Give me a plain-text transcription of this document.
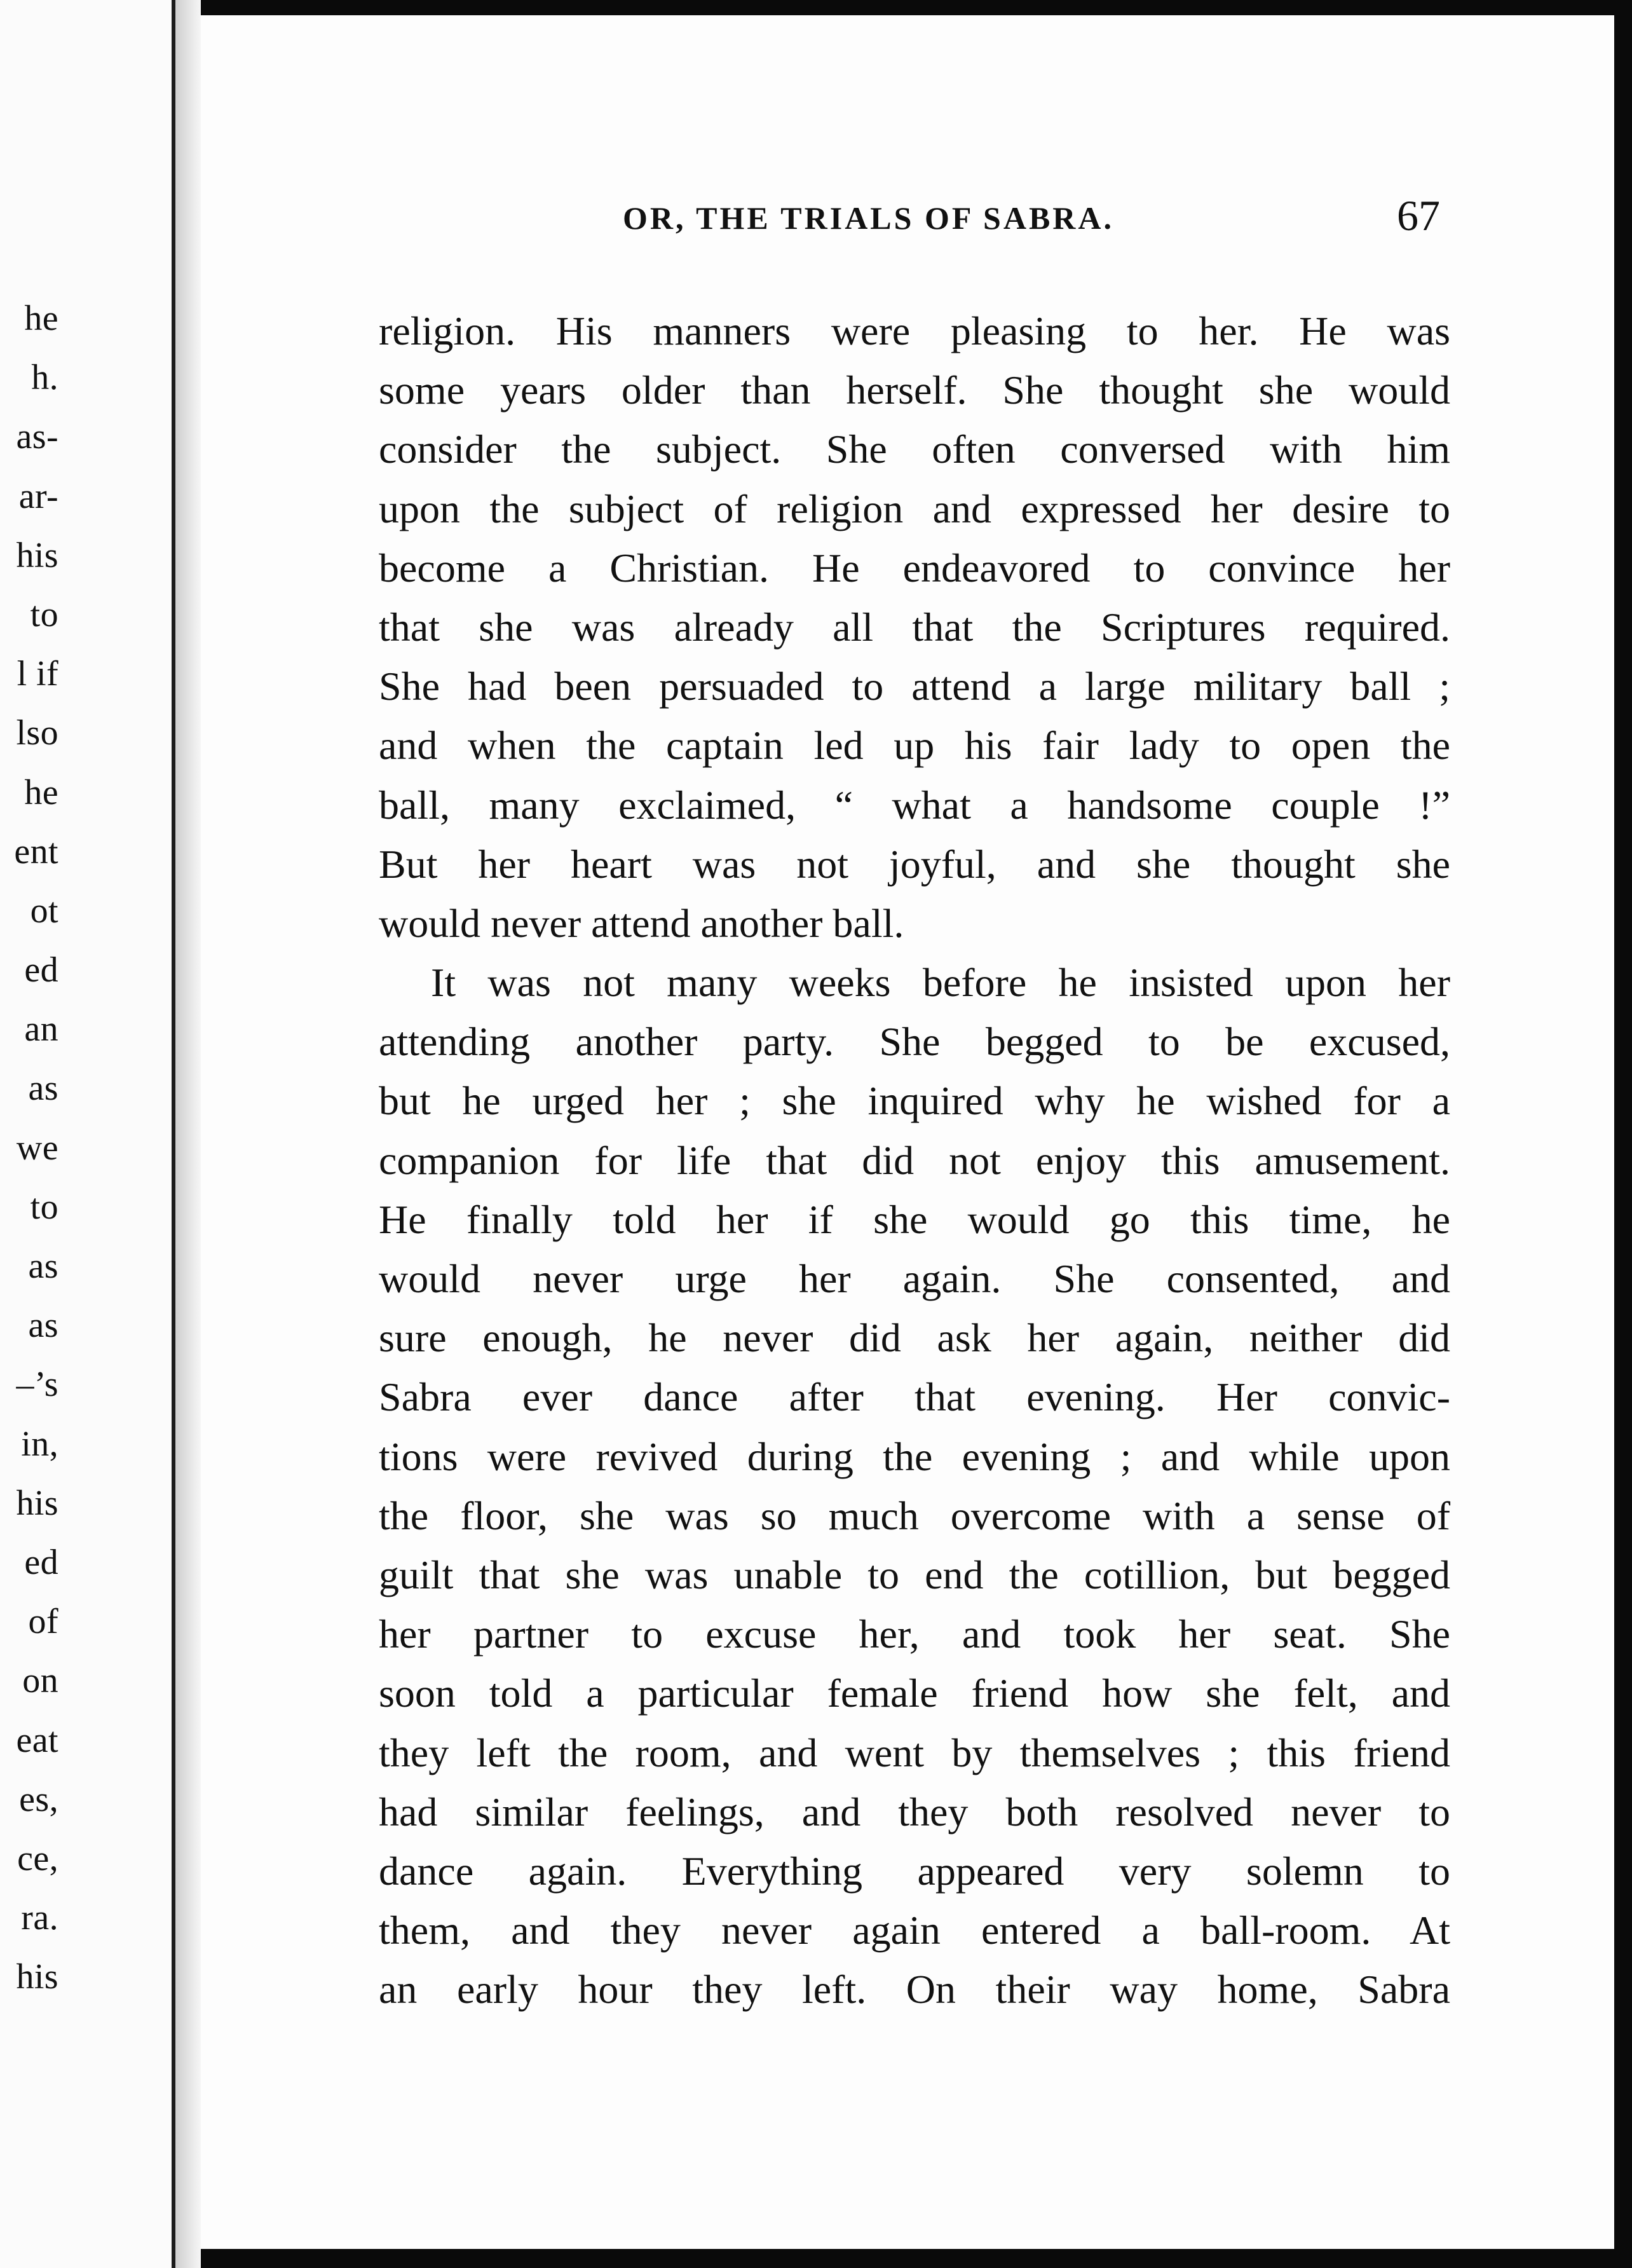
he
h.
as-
ar-
his
to
l if
lso
he
ent
ot
ed
an
as
we
to
as
as
–’s
in,
his
ed
of
on
eat
es,
ce,
ra.
his
OR, THE TRIALS OF SABRA.	67
religion. His manners were pleasing to her. He was
some years older than herself. She thought she would
consider the subject. She often conversed with him
upon the subject of religion and expressed her desire to
become a Christian. He endeavored to convince her
that she was already all that the Scriptures required.
She had been persuaded to attend a large military ball ;
and when the captain led up his fair lady to open the
ball, many exclaimed, “ what a handsome couple !”
But her heart was not joyful, and she thought she
would never attend another ball.
It was not many weeks before he insisted upon her
attending another party. She begged to be excused,
but he urged her ; she inquired why he wished for a
companion for life that did not enjoy this amusement.
He finally told her if she would go this time, he
would never urge her again. She consented, and
sure enough, he never did ask her again, neither did
Sabra ever dance after that evening. Her convic-
tions were revived during the evening ; and while upon
the floor, she was so much overcome with a sense of
guilt that she was unable to end the cotillion, but begged
her partner to excuse her, and took her seat. She
soon told a particular female friend how she felt, and
they left the room, and went by themselves ; this friend
had similar feelings, and they both resolved never to
dance again. Everything appeared very solemn to
them, and they never again entered a ball-room. At
an early hour they left. On their way home, Sabra
